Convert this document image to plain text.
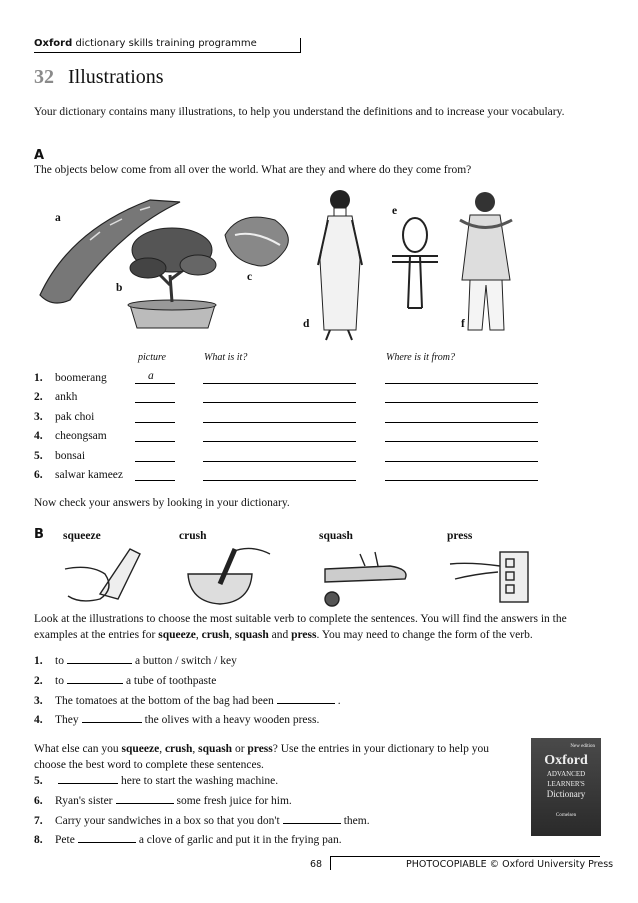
Oxford dictionary skills training programme
32 Illustrations
Your dictionary contains many illustrations, to help you understand the definitions and to increase your vocabulary.
A
The objects below come from all over the world. What are they and where do they come from?
a
b
c
d
e
f
picture	What is it?	Where is it from?
1. boomerang	a
2. ankh
3. pak choi
4. cheongsam
5. bonsai
6. salwar kameez
Now check your answers by looking in your dictionary.
B squeeze	crush	squash	press
Look at the illustrations to choose the most suitable verb to complete the sentences. You will find the answers in the examples at the entries for squeeze, crush, squash and press. You may need to change the form of the verb.
1. to	a button / switch / key
2. to	a tube of toothpaste
3. The tomatoes at the bottom of the bag had been	.
4. They	the olives with a heavy wooden press.
What else can you squeeze, crush, squash or press? Use the entries in your dictionary to help you choose the best word to complete these sentences.
5.	here to start the washing machine.
6. Ryan's sister	some fresh juice for him.
7. Carry your sandwiches in a box so that you don't	them.
8. Pete	a clove of garlic and put it in the frying pan.
New edition
Oxford
ADVANCED
LEARNER'S
Dictionary
Cornelsen
68	PHOTOCOPIABLE © Oxford University Press
